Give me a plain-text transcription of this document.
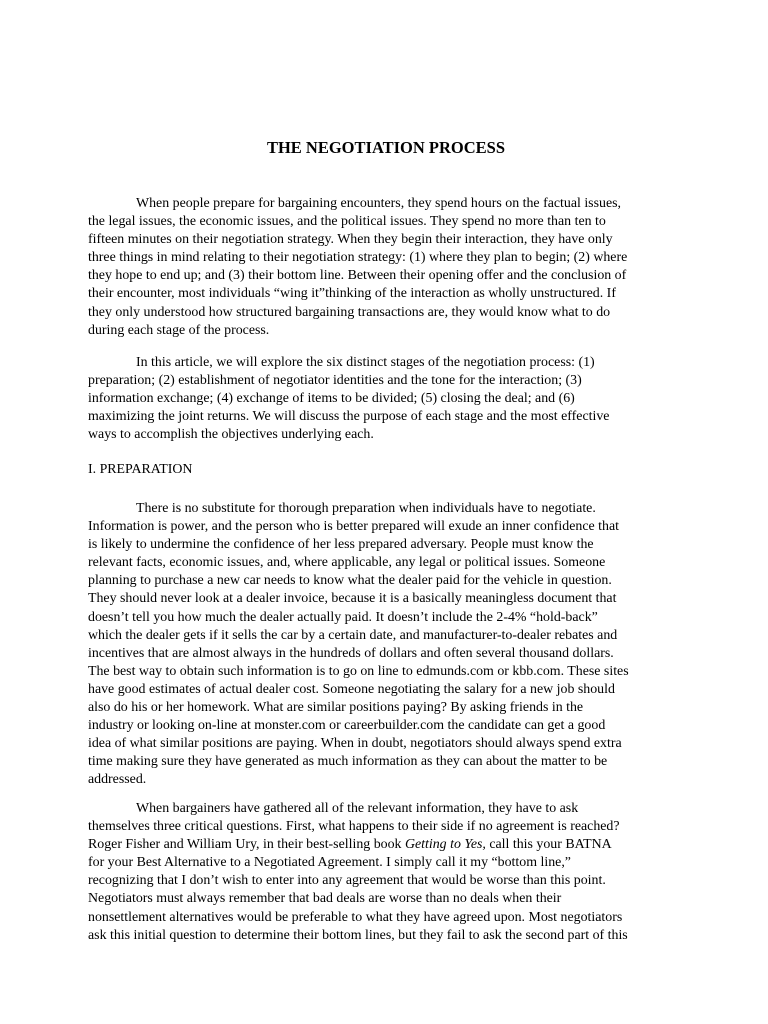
THE NEGOTIATION PROCESS

When people prepare for bargaining encounters, they spend hours on the factual issues,
the legal issues, the economic issues, and the political issues. They spend no more than ten to
fifteen minutes on their negotiation strategy. When they begin their interaction, they have only
three things in mind relating to their negotiation strategy: (1) where they plan to begin; (2) where
they hope to end up; and (3) their bottom line. Between their opening offer and the conclusion of
their encounter, most individuals “wing it”thinking of the interaction as wholly unstructured. If
they only understood how structured bargaining transactions are, they would know what to do
during each stage of the process.

In this article, we will explore the six distinct stages of the negotiation process: (1)
preparation; (2) establishment of negotiator identities and the tone for the interaction; (3)
information exchange; (4) exchange of items to be divided; (5) closing the deal; and (6)
maximizing the joint returns. We will discuss the purpose of each stage and the most effective
ways to accomplish the objectives underlying each.

I. PREPARATION

There is no substitute for thorough preparation when individuals have to negotiate.
Information is power, and the person who is better prepared will exude an inner confidence that
is likely to undermine the confidence of her less prepared adversary. People must know the
relevant facts, economic issues, and, where applicable, any legal or political issues. Someone
planning to purchase a new car needs to know what the dealer paid for the vehicle in question.
They should never look at a dealer invoice, because it is a basically meaningless document that
doesn’t tell you how much the dealer actually paid. It doesn’t include the 2-4% “hold-back”
which the dealer gets if it sells the car by a certain date, and manufacturer-to-dealer rebates and
incentives that are almost always in the hundreds of dollars and often several thousand dollars.
The best way to obtain such information is to go on line to edmunds.com or kbb.com. These sites
have good estimates of actual dealer cost. Someone negotiating the salary for a new job should
also do his or her homework. What are similar positions paying? By asking friends in the
industry or looking on-line at monster.com or careerbuilder.com the candidate can get a good
idea of what similar positions are paying. When in doubt, negotiators should always spend extra
time making sure they have generated as much information as they can about the matter to be
addressed.

When bargainers have gathered all of the relevant information, they have to ask
themselves three critical questions. First, what happens to their side if no agreement is reached?
Roger Fisher and William Ury, in their best-selling book Getting to Yes, call this your BATNA
for your Best Alternative to a Negotiated Agreement. I simply call it my “bottom line,”
recognizing that I don’t wish to enter into any agreement that would be worse than this point.
Negotiators must always remember that bad deals are worse than no deals when their
nonsettlement alternatives would be preferable to what they have agreed upon. Most negotiators
ask this initial question to determine their bottom lines, but they fail to ask the second part of this
